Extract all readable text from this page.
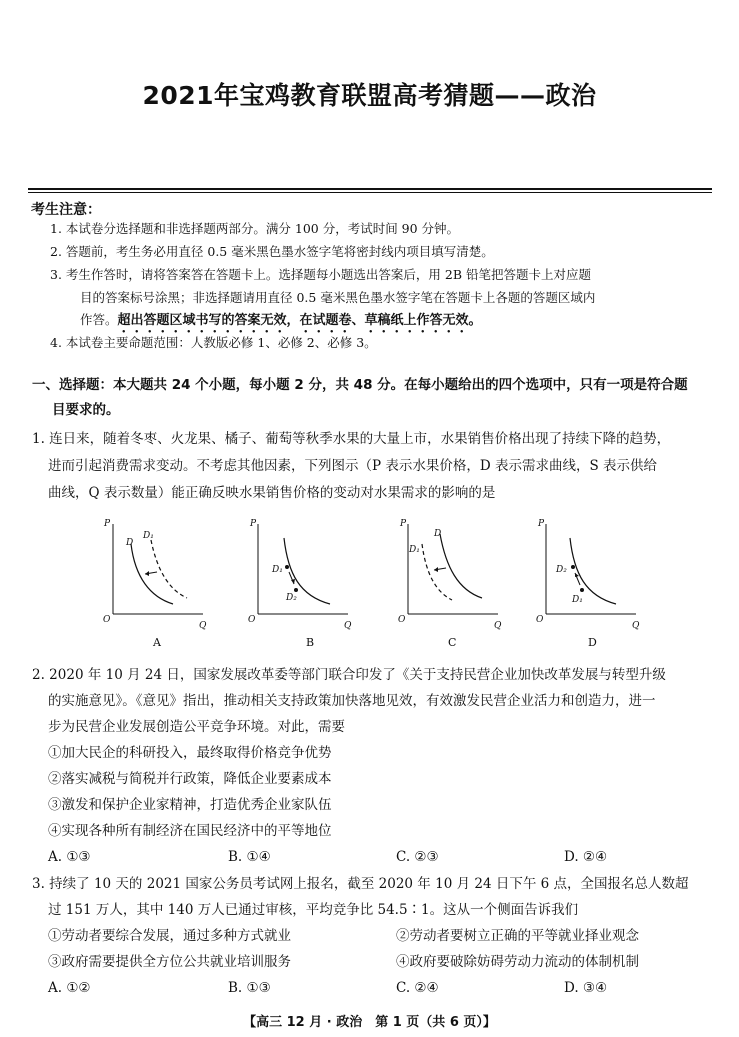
2021年宝鸡教育联盟高考猜题——政治
考生注意：
1. 本试卷分选择题和非选择题两部分。满分 100 分，考试时间 90 分钟。
2. 答题前，考生务必用直径 0.5 毫米黑色墨水签字笔将密封线内项目填写清楚。
3. 考生作答时，请将答案答在答题卡上。选择题每小题选出答案后，用 2B 铅笔把答题卡上对应题
目的答案标号涂黑；非选择题请用直径 0.5 毫米黑色墨水签字笔在答题卡上各题的答题区域内
作答。超出答题区域书写的答案无效，在试题卷、草稿纸上作答无效。
4. 本试卷主要命题范围：人教版必修 1、必修 2、必修 3。
一、选择题：本大题共 24 个小题，每小题 2 分，共 48 分。在每小题给出的四个选项中，只有一项是符合题
目要求的。
1. 连日来，随着冬枣、火龙果、橘子、葡萄等秋季水果的大量上市，水果销售价格出现了持续下降的趋势，
进而引起消费需求变动。不考虑其他因素，下列图示（P 表示水果价格，D 表示需求曲线，S 表示供给
曲线，Q 表示数量）能正确反映水果销售价格的变动对水果需求的影响的是
P
Q
O
D
D₁
A
P
Q
O
D₁
D₂
B
P
Q
O
D₁
D
C
P
Q
O
D₂
D₁
D
2. 2020 年 10 月 24 日，国家发展改革委等部门联合印发了《关于支持民营企业加快改革发展与转型升级
的实施意见》。《意见》指出，推动相关支持政策加快落地见效，有效激发民营企业活力和创造力，进一
步为民营企业发展创造公平竞争环境。对此，需要
①加大民企的科研投入，最终取得价格竞争优势
②落实减税与简税并行政策，降低企业要素成本
③激发和保护企业家精神，打造优秀企业家队伍
④实现各种所有制经济在国民经济中的平等地位
A. ①③	B. ①④	C. ②③	D. ②④
3. 持续了 10 天的 2021 国家公务员考试网上报名，截至 2020 年 10 月 24 日下午 6 点，全国报名总人数超
过 151 万人，其中 140 万人已通过审核，平均竞争比 54.5∶1。这从一个侧面告诉我们
①劳动者要综合发展，通过多种方式就业	②劳动者要树立正确的平等就业择业观念
③政府需要提供全方位公共就业培训服务	④政府要破除妨碍劳动力流动的体制机制
A. ①②	B. ①③	C. ②④	D. ③④
【高三 12 月 · 政治　第 1 页（共 6 页）】
